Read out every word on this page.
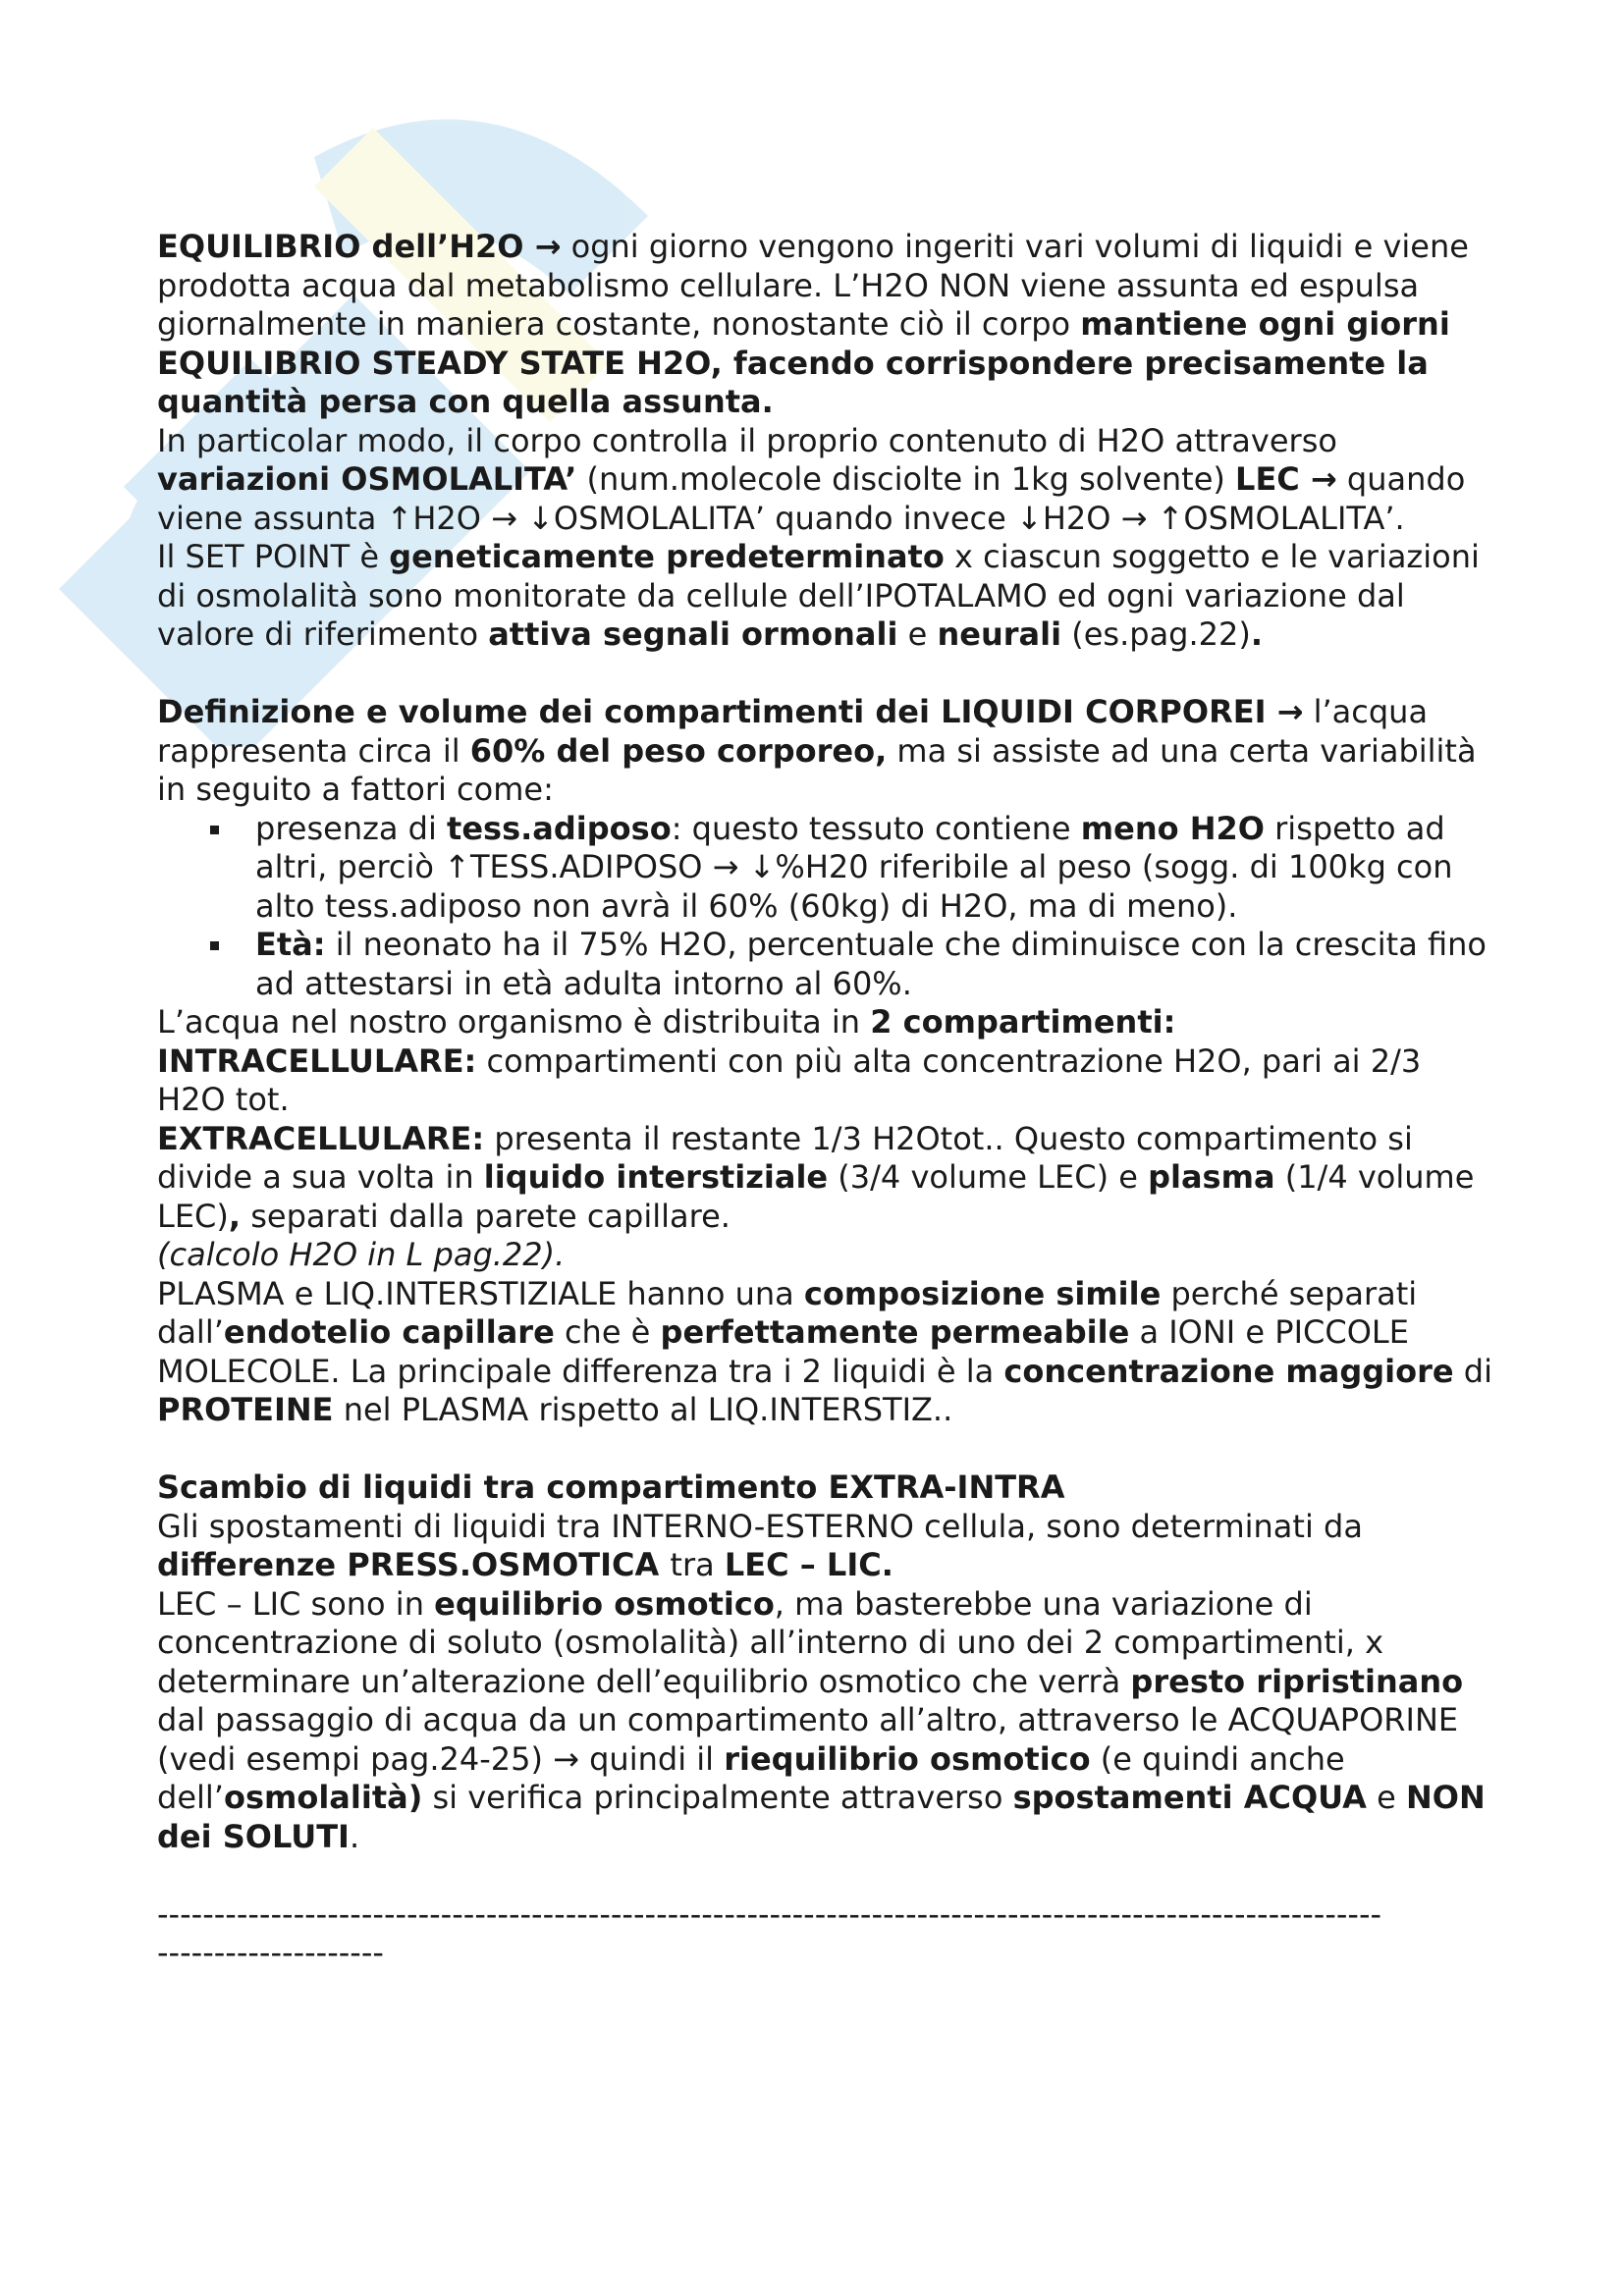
EQUILIBRIO dell’H2O → ogni giorno vengono ingeriti vari volumi di liquidi e viene prodotta acqua dal metabolismo cellulare. L’H2O NON viene assunta ed espulsa giornalmente in maniera costante, nonostante ciò il corpo mantiene ogni giorni EQUILIBRIO STEADY STATE H2O, facendo corrispondere precisamente la quantità persa con quella assunta.

In particolar modo, il corpo controlla il proprio contenuto di H2O attraverso variazioni OSMOLALITA’ (num.molecole disciolte in 1kg solvente) LEC → quando viene assunta ↑H2O → ↓OSMOLALITA’ quando invece ↓H2O → ↑OSMOLALITA’.

Il SET POINT è geneticamente predeterminato x ciascun soggetto e le variazioni di osmolalità sono monitorate da cellule dell’IPOTALAMO ed ogni variazione dal valore di riferimento attiva segnali ormonali e neurali (es.pag.22).

Definizione e volume dei compartimenti dei LIQUIDI CORPOREI → l’acqua rappresenta circa il 60% del peso corporeo, ma si assiste ad una certa variabilità in seguito a fattori come:

presenza di tess.adiposo: questo tessuto contiene meno H2O rispetto ad altri, perciò ↑TESS.ADIPOSO → ↓%H20 riferibile al peso (sogg. di 100kg con alto tess.adiposo non avrà il 60% (60kg) di H2O, ma di meno).
Età: il neonato ha il 75% H2O, percentuale che diminuisce con la crescita fino ad attestarsi in età adulta intorno al 60%.

L’acqua nel nostro organismo è distribuita in 2 compartimenti:

INTRACELLULARE: compartimenti con più alta concentrazione H2O, pari ai 2/3 H2O tot.

EXTRACELLULARE: presenta il restante 1/3 H2Otot.. Questo compartimento si divide a sua volta in liquido interstiziale (3/4 volume LEC) e plasma (1/4 volume LEC), separati dalla parete capillare.

(calcolo H2O in L pag.22).

PLASMA e LIQ.INTERSTIZIALE hanno una composizione simile perché separati dall’endotelio capillare che è perfettamente permeabile a IONI e PICCOLE MOLECOLE. La principale differenza tra i 2 liquidi è la concentrazione maggiore di PROTEINE nel PLASMA rispetto al LIQ.INTERSTIZ..

Scambio di liquidi tra compartimento EXTRA-INTRA

Gli spostamenti di liquidi tra INTERNO-ESTERNO cellula, sono determinati da differenze PRESS.OSMOTICA tra LEC – LIC.

LEC – LIC sono in equilibrio osmotico, ma basterebbe una variazione di concentrazione di soluto (osmolalità) all’interno di uno dei 2 compartimenti, x determinare un’alterazione dell’equilibrio osmotico che verrà presto ripristinano dal passaggio di acqua da un compartimento all’altro, attraverso le ACQUAPORINE (vedi esempi pag.24-25) → quindi il riequilibrio osmotico (e quindi anche dell’osmolalità) si verifica principalmente attraverso spostamenti ACQUA e NON dei SOLUTI.

------------------------------------------------------------------------------------------------------------

--------------------
